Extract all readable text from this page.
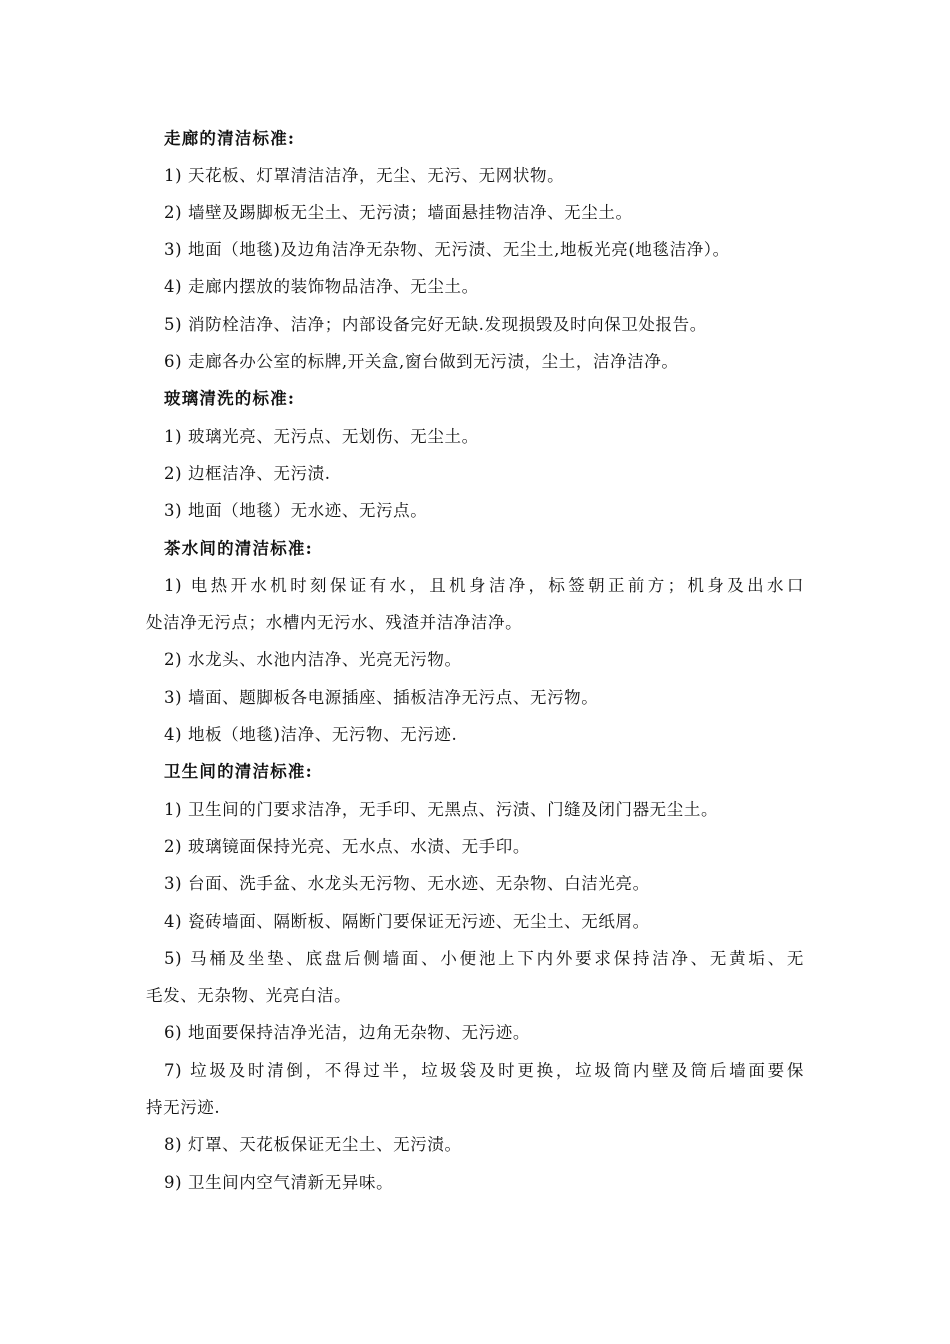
走廊的清洁标准:
1) 天花板、灯罩清洁洁净，无尘、无污、无网状物。
2) 墙壁及踢脚板无尘土、无污渍；墙面悬挂物洁净、无尘土。
3) 地面（地毯)及边角洁净无杂物、无污渍、无尘土,地板光亮(地毯洁净）。
4) 走廊内摆放的装饰物品洁净、无尘土。
5) 消防栓洁净、洁净；内部设备完好无缺.发现损毁及时向保卫处报告。
6) 走廊各办公室的标牌,开关盒,窗台做到无污渍，尘土，洁净洁净。
玻璃清洗的标准:
1) 玻璃光亮、无污点、无划伤、无尘土。
2) 边框洁净、无污渍.
3) 地面（地毯）无水迹、无污点。
茶水间的清洁标准:
1) 电热开水机时刻保证有水，且机身洁净，标签朝正前方；机身及出水口
处洁净无污点；水槽内无污水、残渣并洁净洁净。
2) 水龙头、水池内洁净、光亮无污物。
3) 墙面、题脚板各电源插座、插板洁净无污点、无污物。
4) 地板（地毯)洁净、无污物、无污迹.
卫生间的清洁标准:
1) 卫生间的门要求洁净，无手印、无黑点、污渍、门缝及闭门器无尘土。
2) 玻璃镜面保持光亮、无水点、水渍、无手印。
3) 台面、洗手盆、水龙头无污物、无水迹、无杂物、白洁光亮。
4) 瓷砖墙面、隔断板、隔断门要保证无污迹、无尘土、无纸屑。
5) 马桶及坐垫、底盘后侧墙面、小便池上下内外要求保持洁净、无黄垢、无
毛发、无杂物、光亮白洁。
6) 地面要保持洁净光洁，边角无杂物、无污迹。
7) 垃圾及时清倒，不得过半，垃圾袋及时更换，垃圾筒内壁及筒后墙面要保
持无污迹.
8) 灯罩、天花板保证无尘土、无污渍。
9) 卫生间内空气清新无异味。
